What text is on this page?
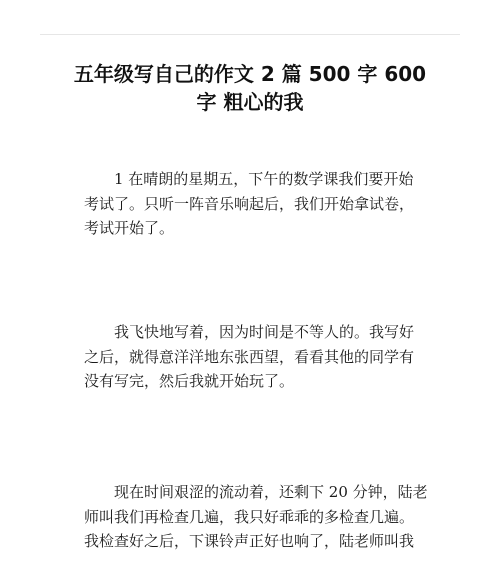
五年级写自己的作文 2 篇 500 字 600
字 粗心的我
1 在晴朗的星期五，下午的数学课我们要开始
考试了。只听一阵音乐响起后，我们开始拿试卷，
考试开始了。
我飞快地写着，因为时间是不等人的。我写好
之后，就得意洋洋地东张西望，看看其他的同学有
没有写完，然后我就开始玩了。
现在时间艰涩的流动着，还剩下 20 分钟，陆老
师叫我们再检查几遍，我只好乖乖的多检查几遍。
我检查好之后，下课铃声正好也响了，陆老师叫我
